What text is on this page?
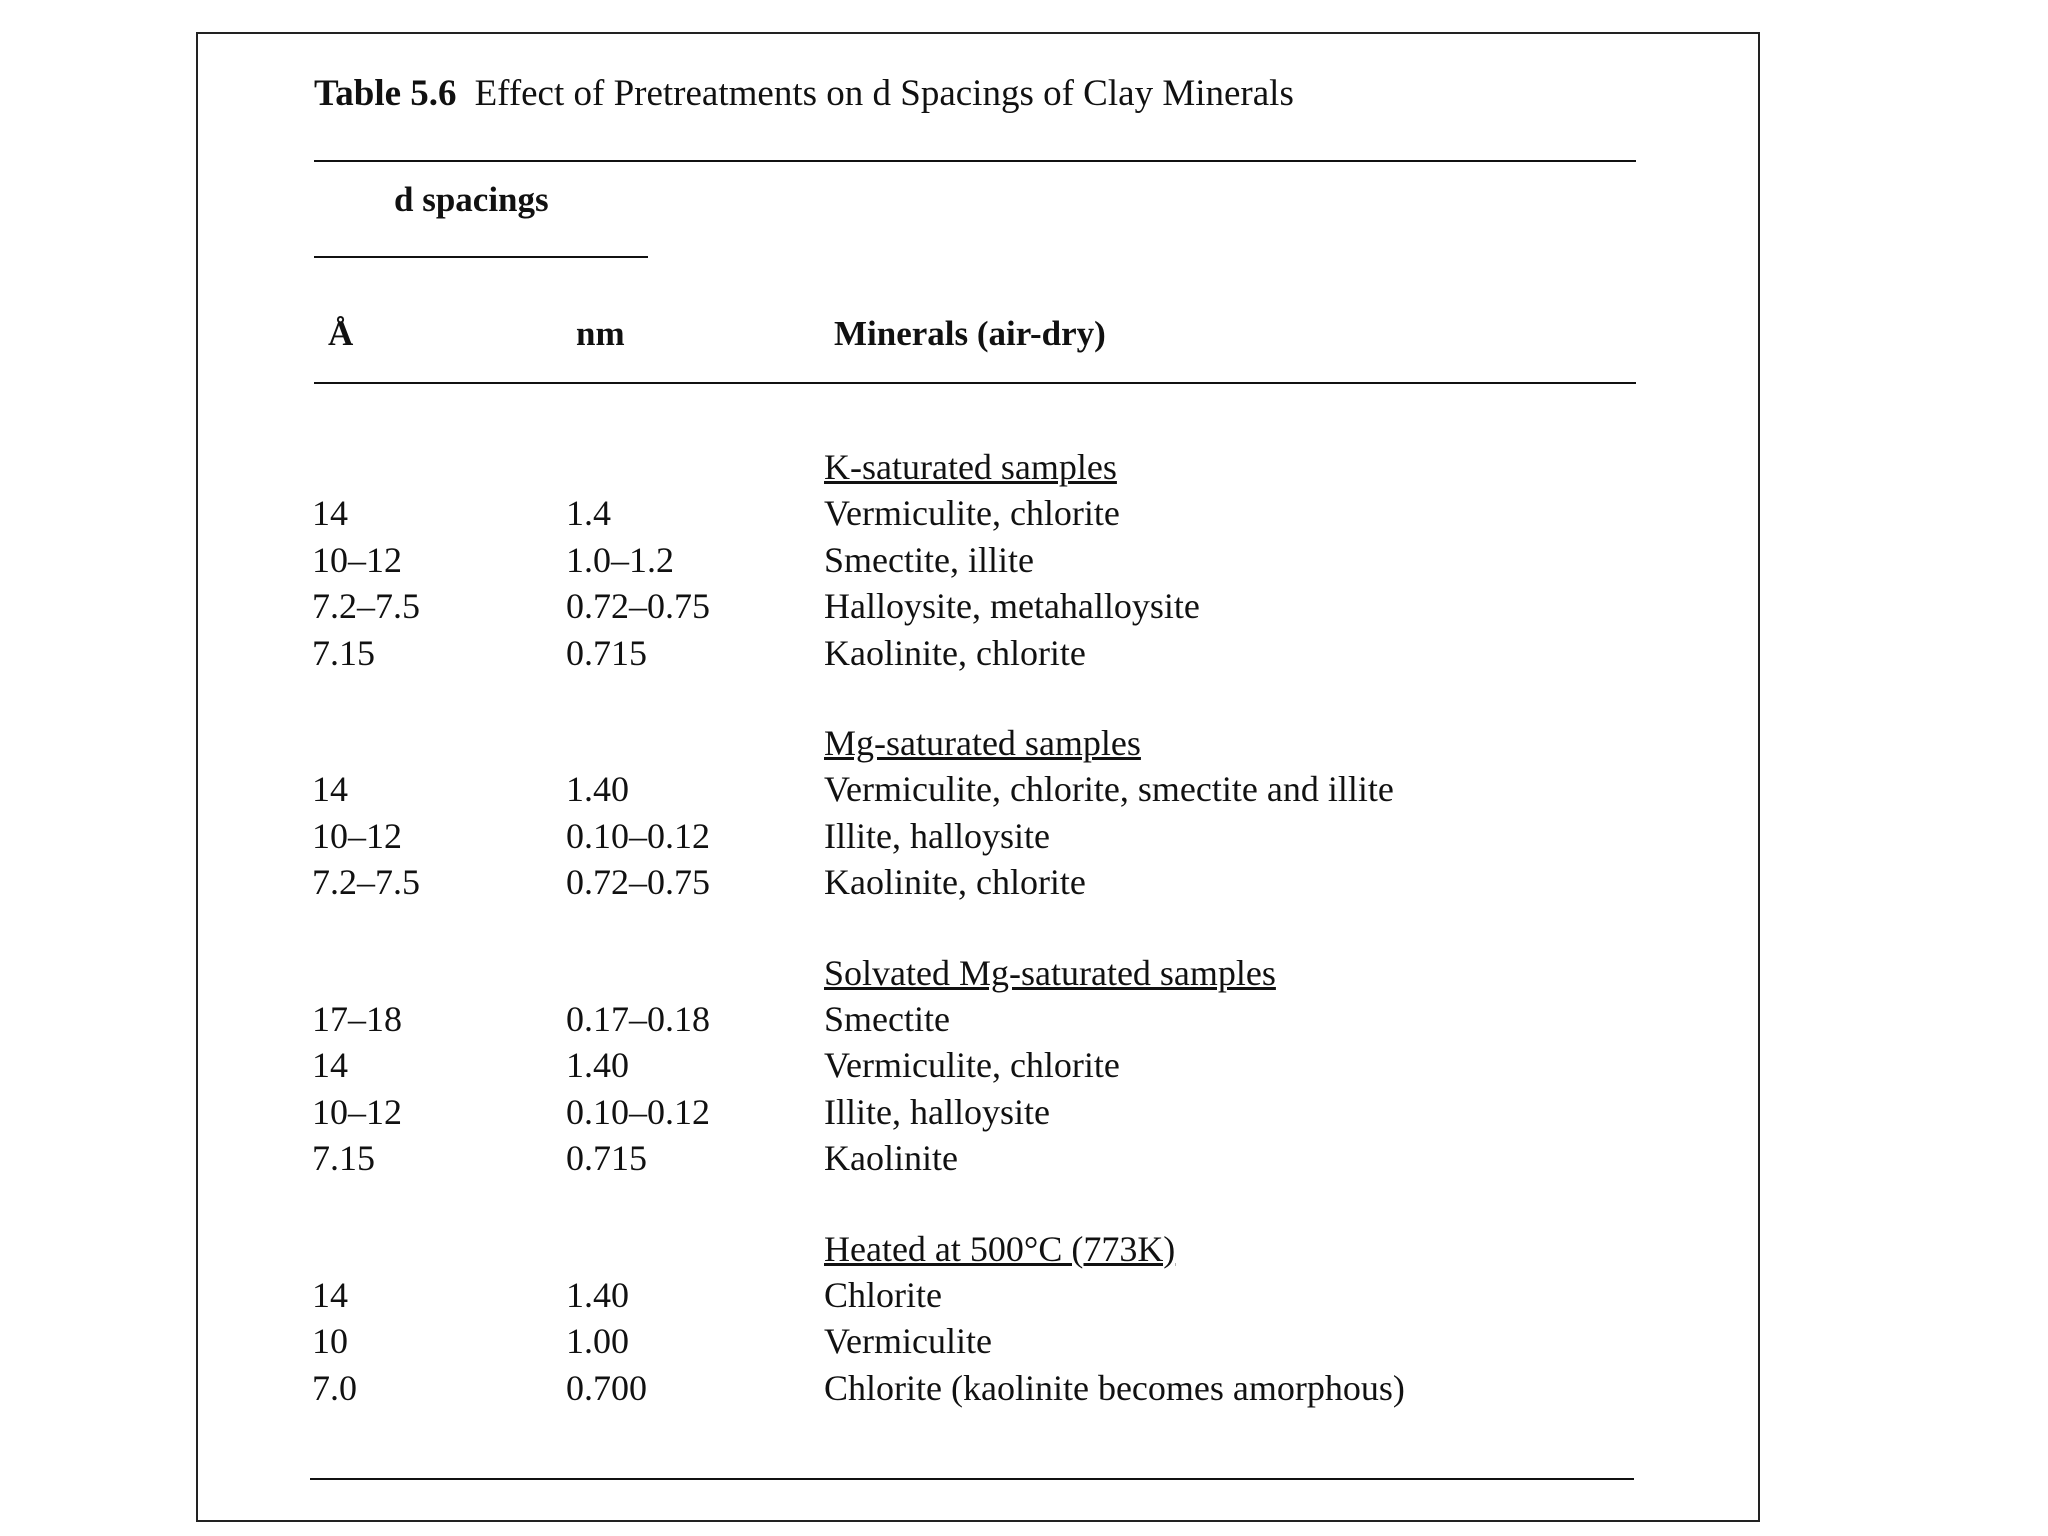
Table 5.6 Effect of Pretreatments on d Spacings of Clay Minerals
d spacings
Å	nm	Minerals (air-dry)
K-saturated samples
14	1.4	Vermiculite, chlorite
10–12	1.0–1.2	Smectite, illite
7.2–7.5	0.72–0.75	Halloysite, metahalloysite
7.15	0.715	Kaolinite, chlorite
Mg-saturated samples
14	1.40	Vermiculite, chlorite, smectite and illite
10–12	0.10–0.12	Illite, halloysite
7.2–7.5	0.72–0.75	Kaolinite, chlorite
Solvated Mg-saturated samples
17–18	0.17–0.18	Smectite
14	1.40	Vermiculite, chlorite
10–12	0.10–0.12	Illite, halloysite
7.15	0.715	Kaolinite
Heated at 500°C (773K)
14	1.40	Chlorite
10	1.00	Vermiculite
7.0	0.700	Chlorite (kaolinite becomes amorphous)
